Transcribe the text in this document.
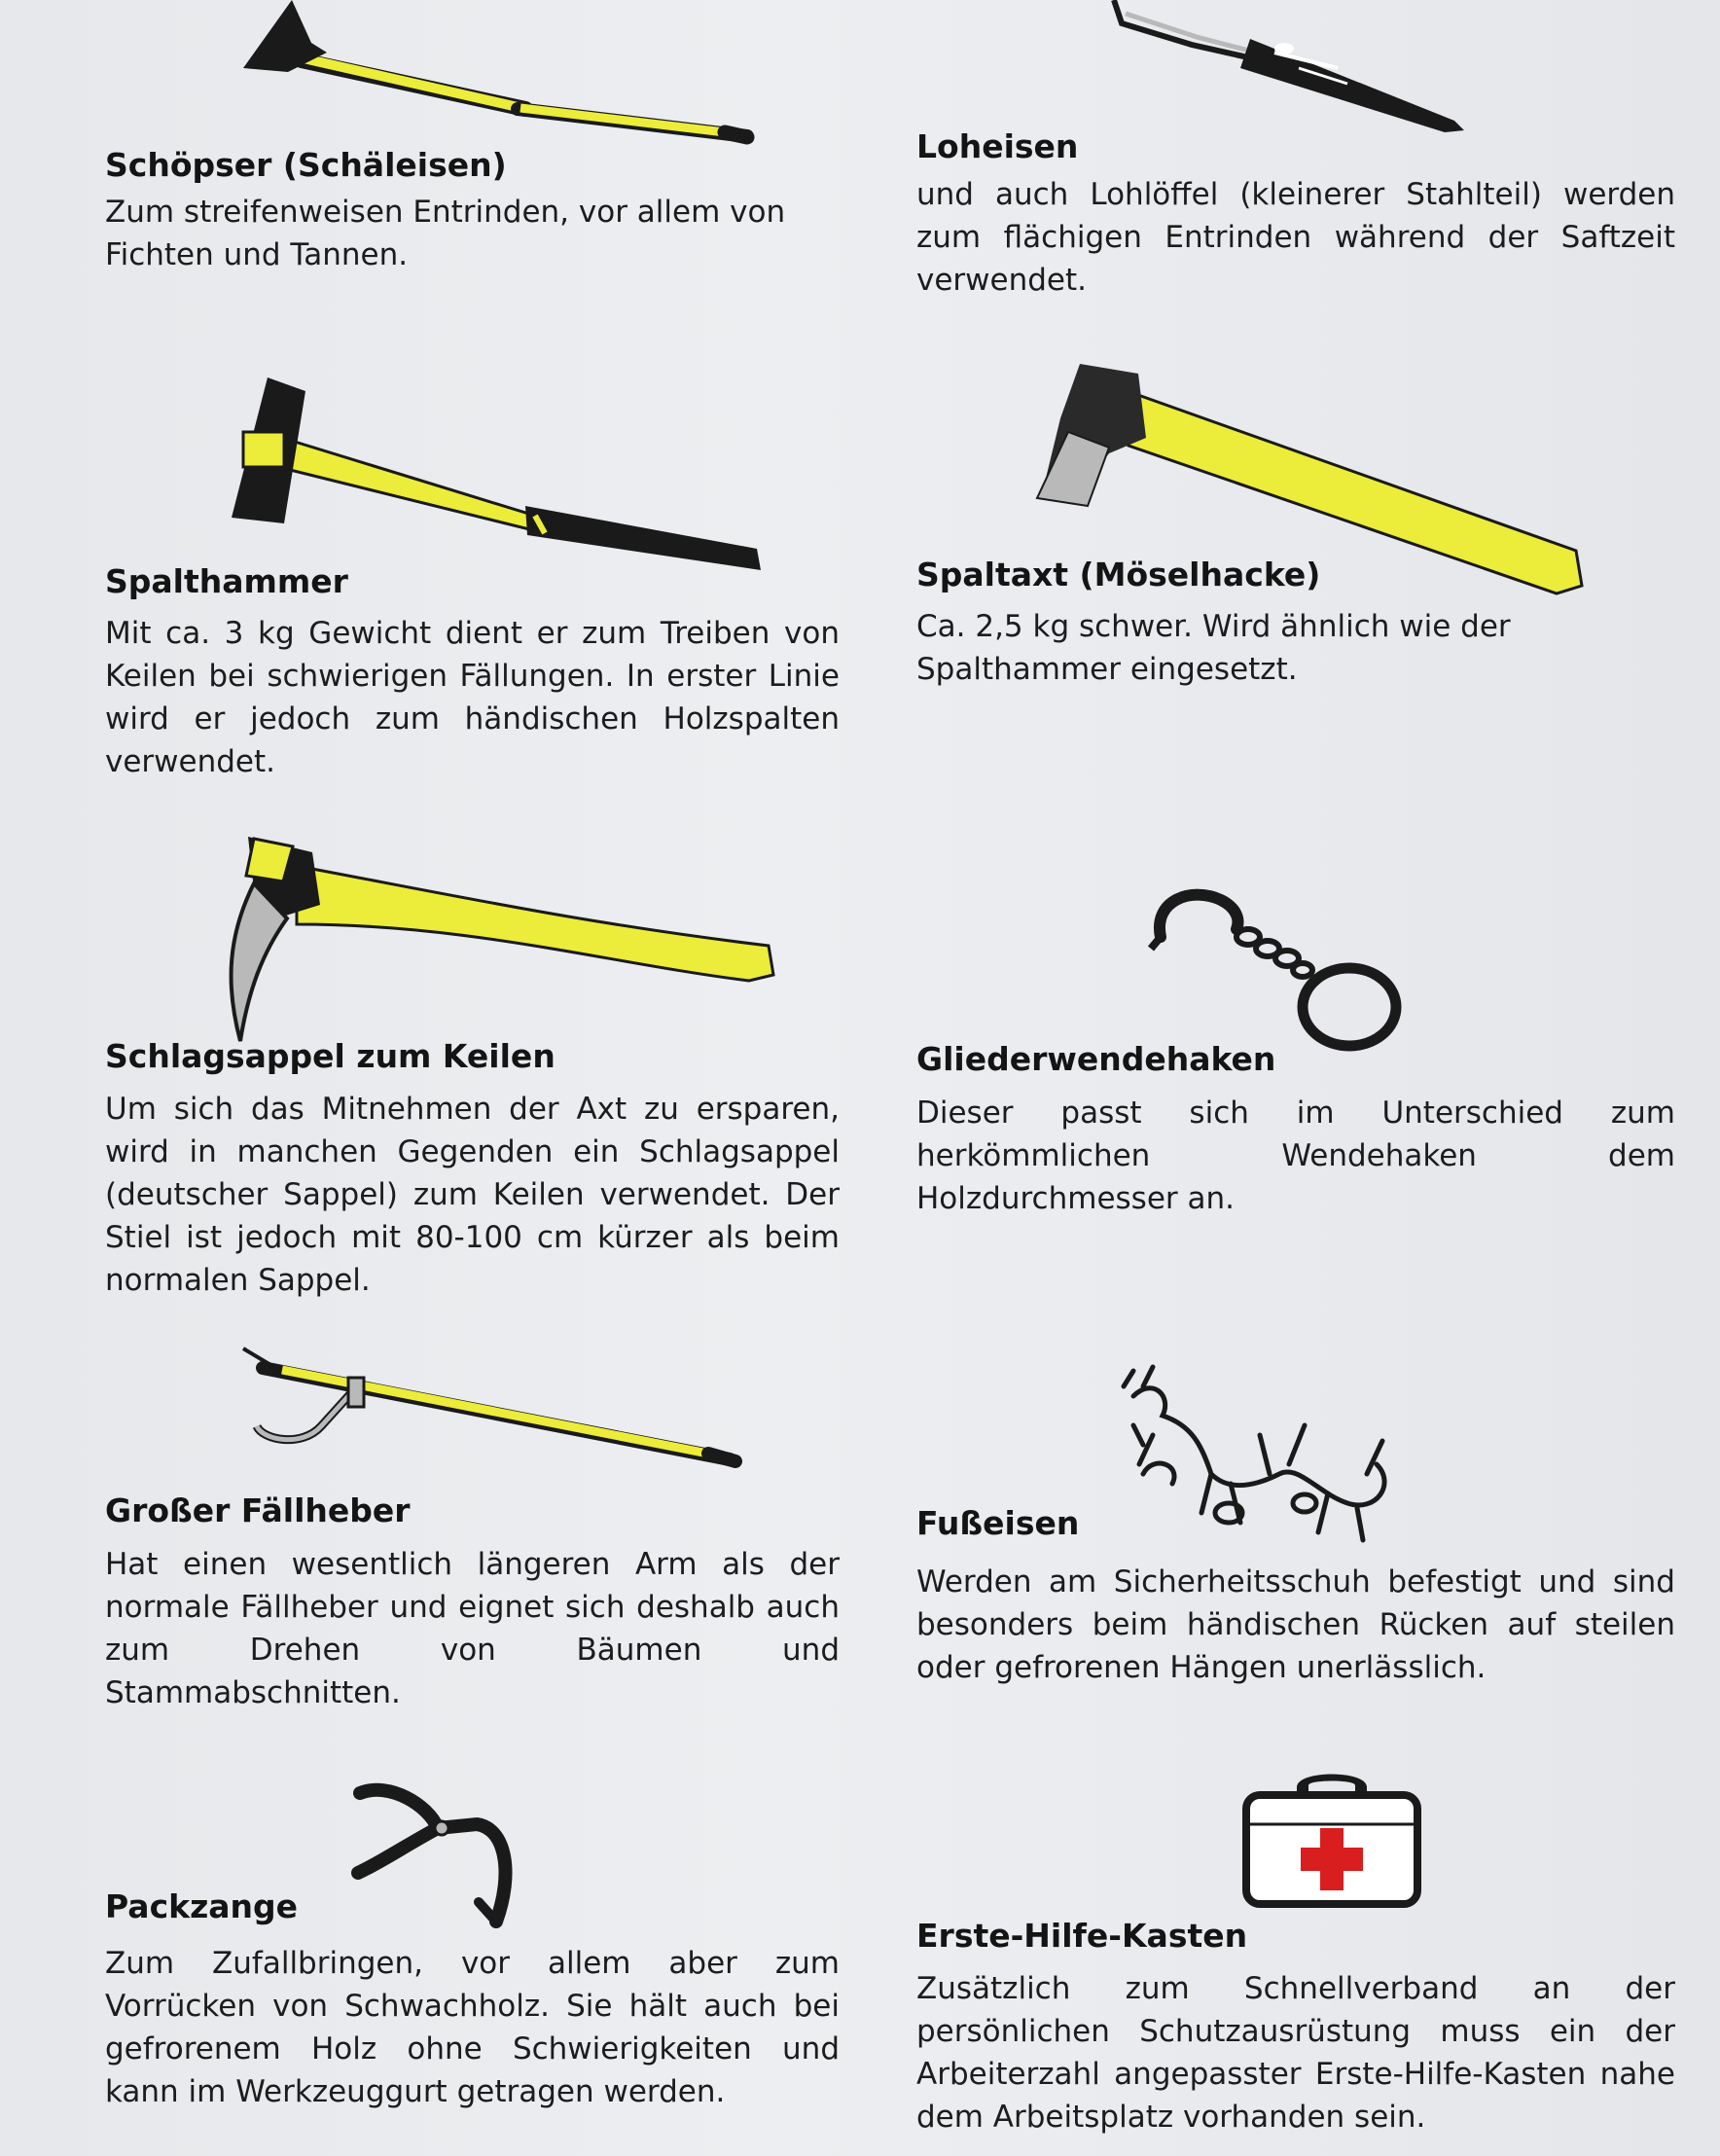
Schöpser (Schäleisen)
Zum streifenweisen Entrinden, vor allem von Fichten und Tannen.
Loheisen
und auch Lohlöffel (kleinerer Stahlteil) werden zum flächigen Entrinden während der Saftzeit verwendet.
Spalthammer
Mit ca. 3 kg Gewicht dient er zum Treiben von Keilen bei schwierigen Fällungen. In erster Linie wird er jedoch zum händischen Holzspalten verwendet.
Spaltaxt (Möselhacke)
Ca. 2,5 kg schwer. Wird ähnlich wie der Spalthammer eingesetzt.
Schlagsappel zum Keilen
Um sich das Mitnehmen der Axt zu ersparen, wird in manchen Gegenden ein Schlagsappel (deutscher Sappel) zum Keilen verwendet. Der Stiel ist jedoch mit 80-100 cm kürzer als beim normalen Sappel.
Gliederwendehaken
Dieser passt sich im Unterschied zum herkömmlichen Wendehaken dem Holzdurchmesser an.
Großer Fällheber
Hat einen wesentlich längeren Arm als der normale Fällheber und eignet sich deshalb auch zum Drehen von Bäumen und Stammabschnitten.
Fußeisen
Werden am Sicherheitsschuh befestigt und sind besonders beim händischen Rücken auf steilen oder gefrorenen Hängen unerlässlich.
Packzange
Zum Zufallbringen, vor allem aber zum Vorrücken von Schwachholz. Sie hält auch bei gefrorenem Holz ohne Schwierigkeiten und kann im Werkzeuggurt getragen werden.
Erste-Hilfe-Kasten
Zusätzlich zum Schnellverband an der persönlichen Schutzausrüstung muss ein der Arbeiterzahl angepasster Erste-Hilfe-Kasten nahe dem Arbeitsplatz vorhanden sein.
